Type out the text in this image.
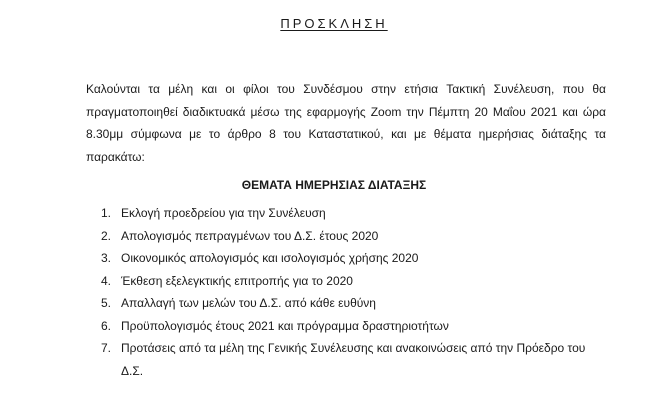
ΠΡΟΣΚΛΗΣΗ

Καλούνται τα μέλη και οι φίλοι του Συνδέσμου στην ετήσια Τακτική Συνέλευση, που θα πραγματοποιηθεί διαδικτυακά μέσω της εφαρμογής Zoom την Πέμπτη 20 Μαΐου 2021 και ώρα 8.30μμ σύμφωνα με το άρθρο 8 του Καταστατικού, και με θέματα ημερήσιας διάταξης τα παρακάτω:

ΘΕΜΑΤΑ ΗΜΕΡΗΣΙΑΣ ΔΙΑΤΑΞΗΣ
1. Εκλογή προεδρείου για την Συνέλευση
2. Απολογισμός πεπραγμένων του Δ.Σ. έτους 2020
3. Οικονομικός απολογισμός και ισολογισμός χρήσης 2020
4. Έκθεση εξελεγκτικής επιτροπής για το 2020
5. Απαλλαγή των μελών του Δ.Σ. από κάθε ευθύνη
6. Προϋπολογισμός έτους 2021 και πρόγραμμα δραστηριοτήτων
7. Προτάσεις από τα μέλη της Γενικής Συνέλευσης και ανακοινώσεις από την Πρόεδρο του Δ.Σ.
